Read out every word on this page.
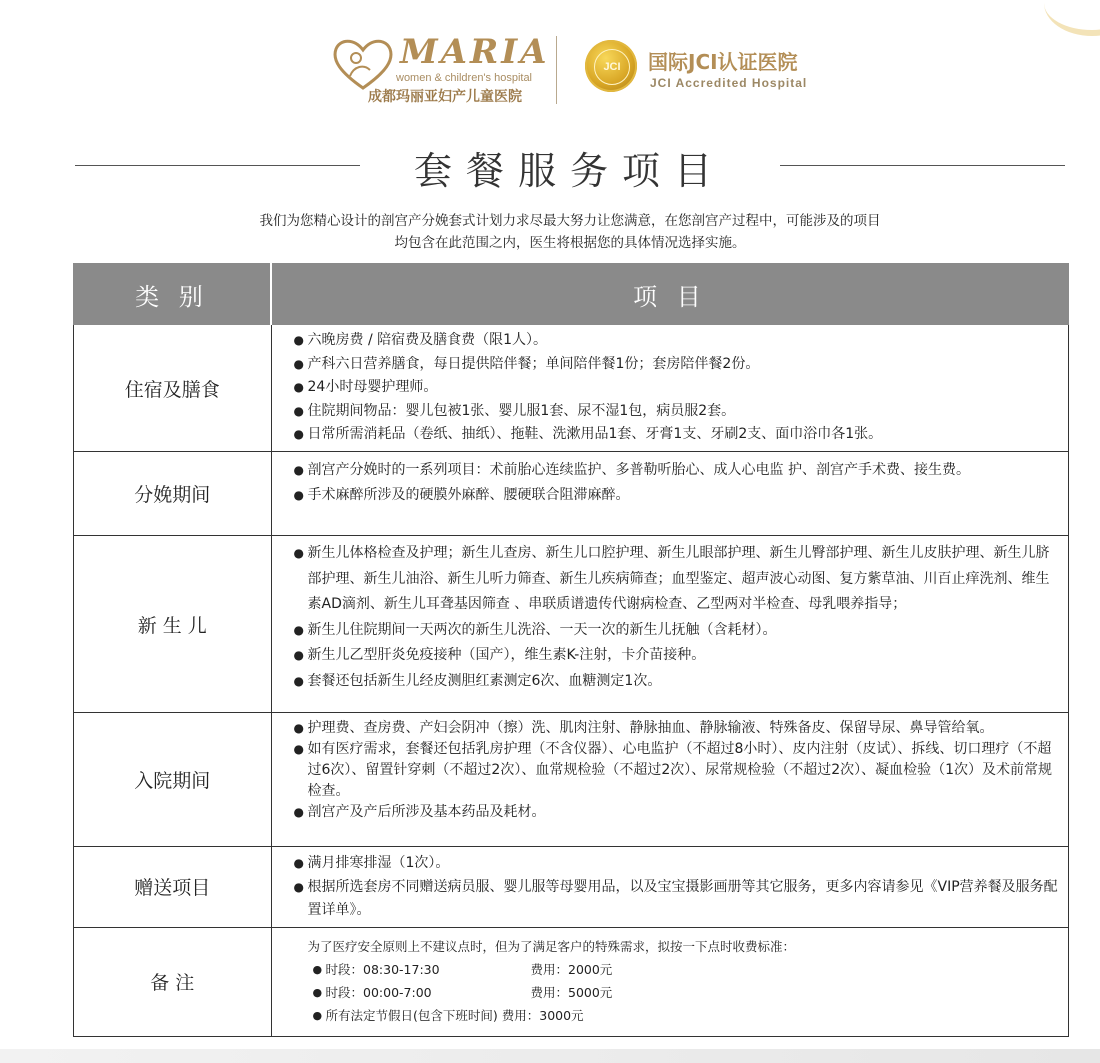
MARIA
women & children's hospital
成都玛丽亚妇产儿童医院
JCI	国际JCI认证医院
JCI Accredited Hospital
套餐服务项目
我们为您精心设计的剖宫产分娩套式计划力求尽最大努力让您满意，在您剖宫产过程中，可能涉及的项目
均包含在此范围之内，医生将根据您的具体情况选择实施。
类 别	项 目
住宿及膳食	● 六晚房费 / 陪宿费及膳食费（限1人）。
● 产科六日营养膳食，每日提供陪伴餐；单间陪伴餐1份；套房陪伴餐2份。
● 24小时母婴护理师。
● 住院期间物品：婴儿包被1张、婴儿服1套、尿不湿1包，病员服2套。
● 日常所需消耗品（卷纸、抽纸）、拖鞋、洗漱用品1套、牙膏1支、牙刷2支、面巾浴巾各1张。

分娩期间	● 剖宫产分娩时的一系列项目：术前胎心连续监护、多普勒听胎心、成人心电监 护、剖宫产手术费、接生费。
● 手术麻醉所涉及的硬膜外麻醉、腰硬联合阻滞麻醉。

新 生 儿	● 新生儿体格检查及护理；新生儿查房、新生儿口腔护理、新生儿眼部护理、新生儿臀部护理、新生儿皮肤护理、新生儿脐部护理、新生儿油浴、新生儿听力筛查、新生儿疾病筛查；血型鉴定、超声波心动图、复方紫草油、川百止痒洗剂、维生素AD滴剂、新生儿耳聋基因筛查 、串联质谱遗传代谢病检查、乙型两对半检查、母乳喂养指导；
● 新生儿住院期间一天两次的新生儿洗浴、一天一次的新生儿抚触（含耗材）。
● 新生儿乙型肝炎免疫接种（国产），维生素K-注射，卡介苗接种。
● 套餐还包括新生儿经皮测胆红素测定6次、血糖测定1次。

入院期间	● 护理费、查房费、产妇会阴冲（擦）洗、肌肉注射、静脉抽血、静脉输液、特殊备皮、保留导尿、鼻导管给氧。
● 如有医疗需求，套餐还包括乳房护理（不含仪器）、心电监护（不超过8小时）、皮内注射（皮试）、拆线、切口理疗（不超过6次）、留置针穿刺（不超过2次）、血常规检验（不超过2次）、尿常规检验（不超过2次）、凝血检验（1次）及术前常规检查。
● 剖宫产及产后所涉及基本药品及耗材。

赠送项目	● 满月排寒排湿（1次）。
● 根据所选套房不同赠送病员服、婴儿服等母婴用品，以及宝宝摄影画册等其它服务，更多内容请参见《VIP营养餐及服务配置详单》。

备 注	为了医疗安全原则上不建议点时，但为了满足客户的特殊需求，拟按一下点时收费标准：
● 时段：08:30-17:30 费用：2000元
● 时段：00:00-7:00 费用：5000元
● 所有法定节假日(包含下班时间) 费用：3000元
